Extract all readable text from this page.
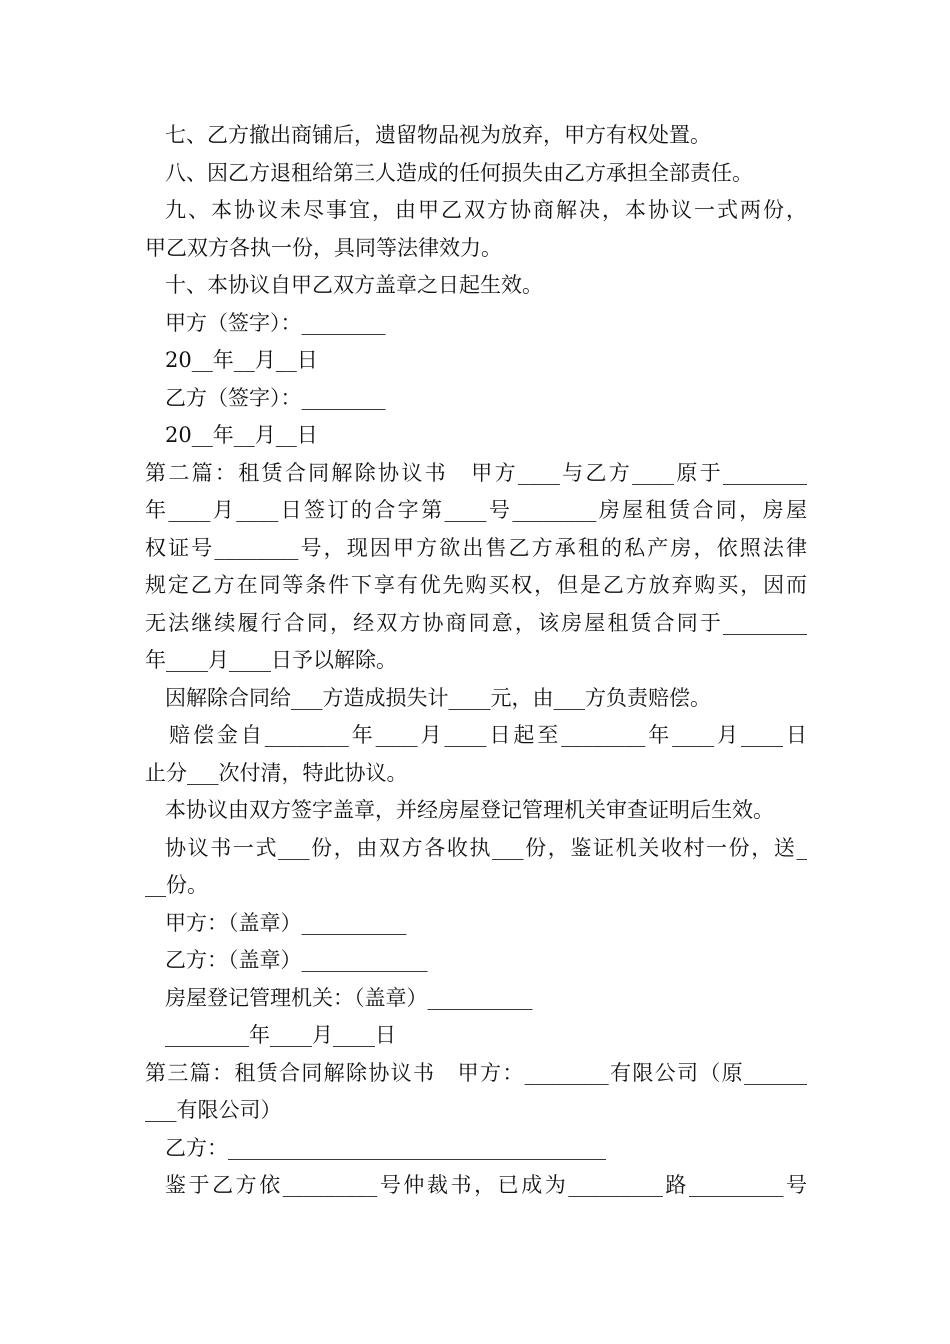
七、乙方撤出商铺后，遗留物品视为放弃，甲方有权处置。

八、因乙方退租给第三人造成的任何损失由乙方承担全部责任。

九、本协议未尽事宜，由甲乙双方协商解决，本协议一式两份，

甲乙双方各执一份，具同等法律效力。

十、本协议自甲乙双方盖章之日起生效。

甲方（签字）：________

20__年__月__日

乙方（签字）：________

20__年__月__日

第二篇：租赁合同解除协议书　甲方____与乙方____原于________

年____月____日签订的合字第____号________房屋租赁合同，房屋

权证号________号，现因甲方欲出售乙方承租的私产房，依照法律

规定乙方在同等条件下享有优先购买权，但是乙方放弃购买，因而

无法继续履行合同，经双方协商同意，该房屋租赁合同于________

年____月____日予以解除。

因解除合同给___方造成损失计____元，由___方负责赔偿。

赔偿金自________年____月____日起至________年____月____日

止分___次付清，特此协议。

本协议由双方签字盖章，并经房屋登记管理机关审查证明后生效。

协议书一式___份，由双方各收执___份，鉴证机关收村一份，送_

__份。

甲方：（盖章）__________

乙方：（盖章）____________

房屋登记管理机关：（盖章）__________

________年____月____日

第三篇：租赁合同解除协议书　甲方：________有限公司（原______

___有限公司）

乙方：____________________________________

鉴于乙方依_________号仲裁书，已成为_________路_________号
